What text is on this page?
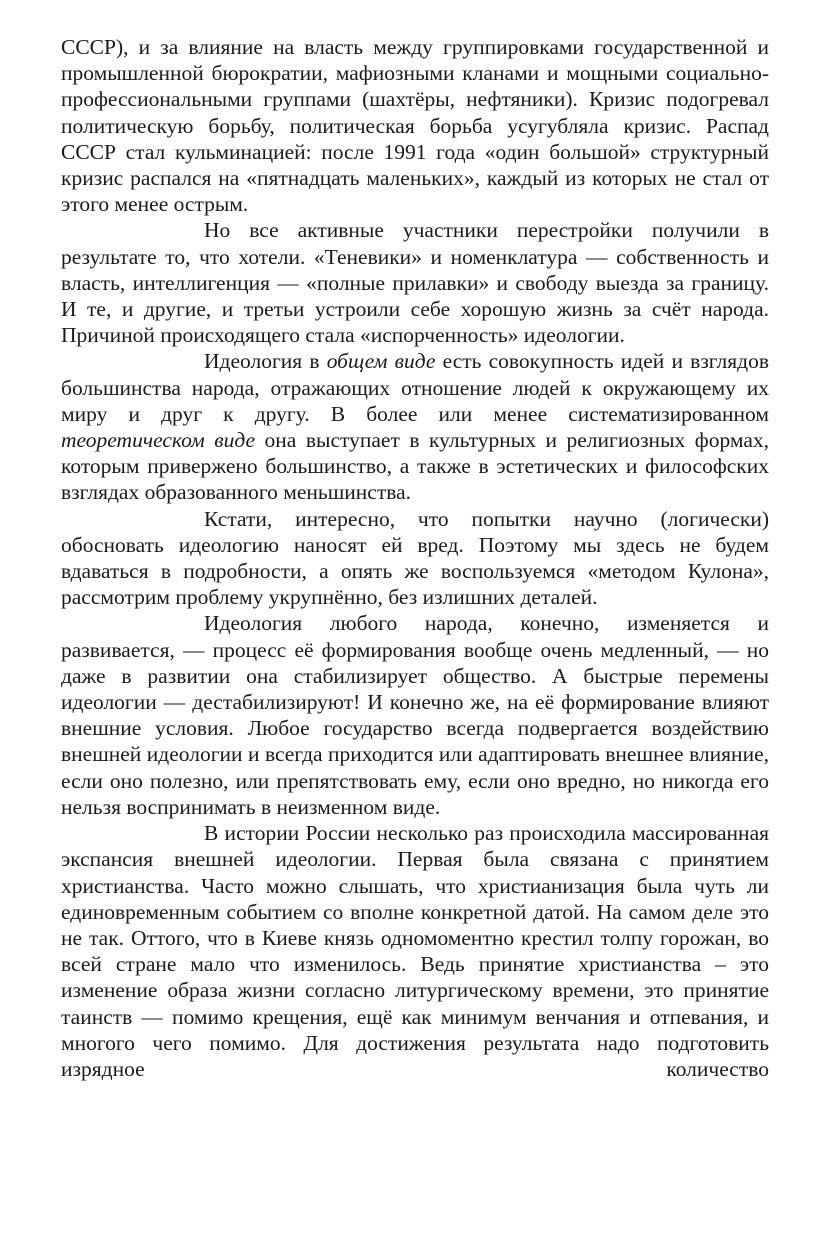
СССР), и за влияние на власть между группировками государственной и промышленной бюрократии, мафиозными кланами и мощными социально-профессиональными группами (шахтёры, нефтяники). Кризис подогревал политическую борьбу, политическая борьба усугубляла кризис. Распад СССР стал кульминацией: после 1991 года «один большой» структурный кризис распался на «пятнадцать маленьких», каждый из которых не стал от этого менее острым.

Но все активные участники перестройки получили в результате то, что хотели. «Теневики» и номенклатура — собственность и власть, интеллигенция — «полные прилавки» и свободу выезда за границу. И те, и другие, и третьи устроили себе хорошую жизнь за счёт народа. Причиной происходящего стала «испорченность» идеологии.

Идеология в общем виде есть совокупность идей и взглядов большинства народа, отражающих отношение людей к окружающему их миру и друг к другу. В более или менее систематизированном теоретическом виде она выступает в культурных и религиозных формах, которым привержено большинство, а также в эстетических и философских взглядах образованного меньшинства.

Кстати, интересно, что попытки научно (логически) обосновать идеологию наносят ей вред. Поэтому мы здесь не будем вдаваться в подробности, а опять же воспользуемся «методом Кулона», рассмотрим проблему укрупнённо, без излишних деталей.

Идеология любого народа, конечно, изменяется и развивается, — процесс её формирования вообще очень медленный, — но даже в развитии она стабилизирует общество. А быстрые перемены идеологии — дестабилизируют! И конечно же, на её формирование влияют внешние условия. Любое государство всегда подвергается воздействию внешней идеологии и всегда приходится или адаптировать внешнее влияние, если оно полезно, или препятствовать ему, если оно вредно, но никогда его нельзя воспринимать в неизменном виде.

В истории России несколько раз происходила массированная экспансия внешней идеологии. Первая была связана с принятием христианства. Часто можно слышать, что христианизация была чуть ли единовременным событием со вполне конкретной датой. На самом деле это не так. Оттого, что в Киеве князь одномоментно крестил толпу горожан, во всей стране мало что изменилось. Ведь принятие христианства – это изменение образа жизни согласно литургическому времени, это принятие таинств — помимо крещения, ещё как минимум венчания и отпевания, и многого чего помимо. Для достижения результата надо подготовить изрядное количество
